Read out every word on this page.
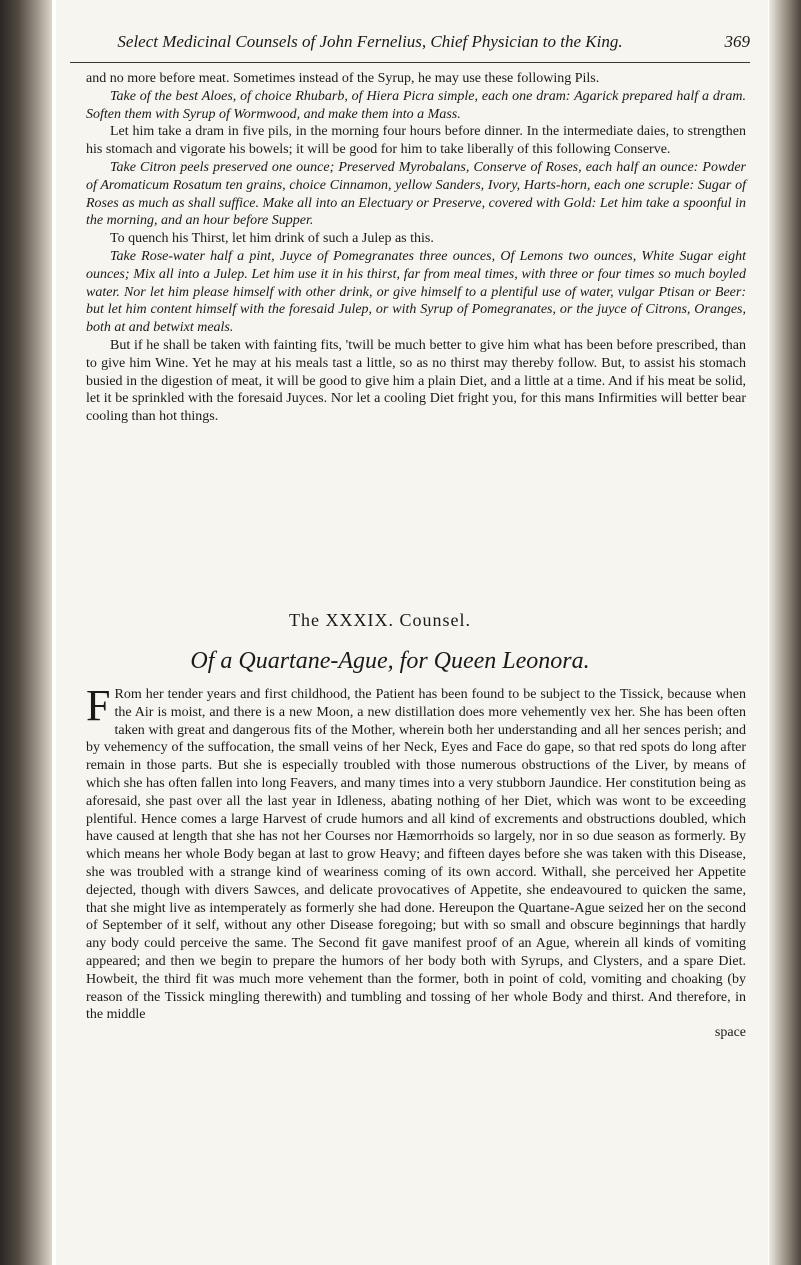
Select Medicinal Counsels of John Fernelius, Chief Physician to the King.	369

and no more before meat. Sometimes instead of the Syrup, he may use these following Pils.

Take of the best Aloes, of choice Rhubarb, of Hiera Picra simple, each one dram: Agarick prepared half a dram. Soften them with Syrup of Wormwood, and make them into a Mass.

Let him take a dram in five pils, in the morning four hours before dinner. In the intermediate daies, to strengthen his stomach and vigorate his bowels; it will be good for him to take liberally of this following Conserve.

Take Citron peels preserved one ounce; Preserved Myrobalans, Conserve of Roses, each half an ounce: Powder of Aromaticum Rosatum ten grains, choice Cinnamon, yellow Sanders, Ivory, Harts-horn, each one scruple: Sugar of Roses as much as shall suffice. Make all into an Electuary or Preserve, covered with Gold: Let him take a spoonful in the morning, and an hour before Supper.

To quench his Thirst, let him drink of such a Julep as this.

Take Rose-water half a pint, Juyce of Pomegranates three ounces, Of Lemons two ounces, White Sugar eight ounces; Mix all into a Julep. Let him use it in his thirst, far from meal times, with three or four times so much boyled water. Nor let him please himself with other drink, or give himself to a plentiful use of water, vulgar Ptisan or Beer: but let him content himself with the foresaid Julep, or with Syrup of Pomegranates, or the juyce of Citrons, Oranges, both at and betwixt meals.

But if he shall be taken with fainting fits, 'twill be much better to give him what has been before prescribed, than to give him Wine. Yet he may at his meals tast a little, so as no thirst may thereby follow. But, to assist his stomach busied in the digestion of meat, it will be good to give him a plain Diet, and a little at a time. And if his meat be solid, let it be sprinkled with the foresaid Juyces. Nor let a cooling Diet fright you, for this mans Infirmities will better bear cooling than hot things.

The XXXIX. Counsel.
Of a Quartane-Ague, for Queen Leonora.

F Rom her tender years and first childhood, the Patient has been found to be subject to the Tissick, because when the Air is moist, and there is a new Moon, a new distillation does more vehemently vex her. She has been often taken with great and dangerous fits of the Mother, wherein both her understanding and all her sences perish; and by vehemency of the suffocation, the small veins of her Neck, Eyes and Face do gape, so that red spots do long after remain in those parts. But she is especially troubled with those numerous obstructions of the Liver, by means of which she has often fallen into long Feavers, and many times into a very stubborn Jaundice. Her constitution being as aforesaid, she past over all the last year in Idleness, abating nothing of her Diet, which was wont to be exceeding plentiful. Hence comes a large Harvest of crude humors and all kind of excrements and obstructions doubled, which have caused at length that she has not her Courses nor Hæmorrhoids so largely, nor in so due season as formerly. By which means her whole Body began at last to grow Heavy; and fifteen dayes before she was taken with this Disease, she was troubled with a strange kind of weariness coming of its own accord. Withall, she perceived her Appetite dejected, though with divers Sawces, and delicate provocatives of Appetite, she endeavoured to quicken the same, that she might live as intemperately as formerly she had done. Hereupon the Quartane-Ague seized her on the second of September of it self, without any other Disease foregoing; but with so small and obscure beginnings that hardly any body could perceive the same. The Second fit gave manifest proof of an Ague, wherein all kinds of vomiting appeared; and then we begin to prepare the humors of her body both with Syrups, and Clysters, and a spare Diet. Howbeit, the third fit was much more vehement than the former, both in point of cold, vomiting and choaking (by reason of the Tissick mingling therewith) and tumbling and tossing of her whole Body and thirst. And therefore, in the middle

space
